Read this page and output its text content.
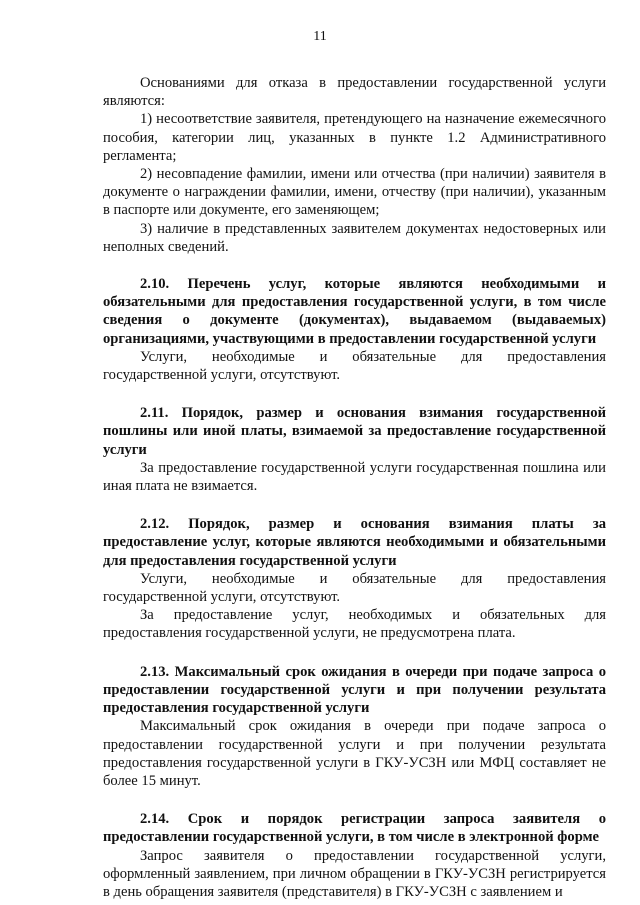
11

Основаниями для отказа в предоставлении государственной услуги являются:

1) несоответствие заявителя, претендующего на назначение ежемесячного пособия, категории лиц, указанных в пункте 1.2 Административного регламента;

2) несовпадение фамилии, имени или отчества (при наличии) заявителя в документе о награждении фамилии, имени, отчеству (при наличии), указанным в паспорте или документе, его заменяющем;

3) наличие в представленных заявителем документах недостоверных или неполных сведений.

2.10. Перечень услуг, которые являются необходимыми и обязательными для предоставления государственной услуги, в том числе сведения о документе (документах), выдаваемом (выдаваемых) организациями, участвующими в предоставлении государственной услуги

Услуги, необходимые и обязательные для предоставления государственной услуги, отсутствуют.

2.11. Порядок, размер и основания взимания государственной пошлины или иной платы, взимаемой за предоставление государственной услуги

За предоставление государственной услуги государственная пошлина или иная плата не взимается.

2.12. Порядок, размер и основания взимания платы за предоставление услуг, которые являются необходимыми и обязательными для предоставления государственной услуги

Услуги, необходимые и обязательные для предоставления государственной услуги, отсутствуют.

За предоставление услуг, необходимых и обязательных для предоставления государственной услуги, не предусмотрена плата.

2.13. Максимальный срок ожидания в очереди при подаче запроса о предоставлении государственной услуги и при получении результата предоставления государственной услуги

Максимальный срок ожидания в очереди при подаче запроса о предоставлении государственной услуги и при получении результата предоставления государственной услуги в ГКУ-УСЗН или МФЦ составляет не более 15 минут.

2.14. Срок и порядок регистрации запроса заявителя о предоставлении государственной услуги, в том числе в электронной форме

Запрос заявителя о предоставлении государственной услуги, оформленный заявлением, при личном обращении в ГКУ-УСЗН регистрируется в день обращения заявителя (представителя) в ГКУ-УСЗН с заявлением и
